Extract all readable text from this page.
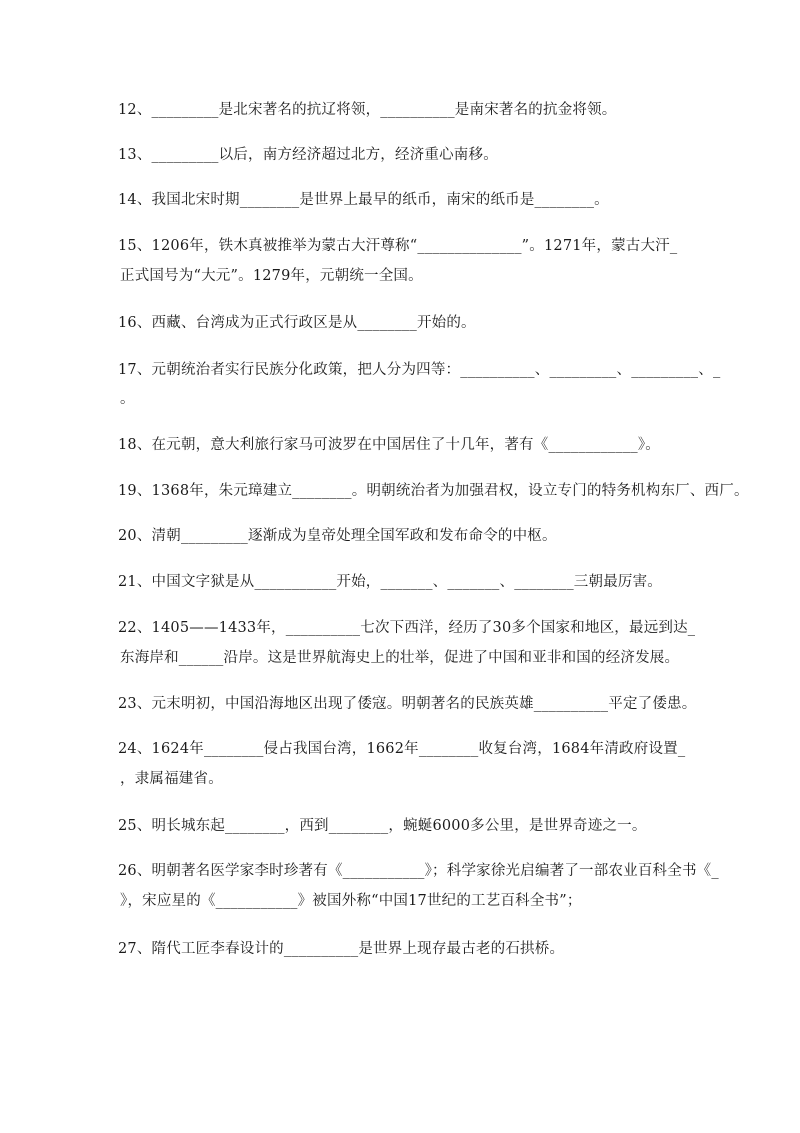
12、_________是北宋著名的抗辽将领，__________是南宋著名的抗金将领。
13、_________以后，南方经济超过北方，经济重心南移。
14、我国北宋时期________是世界上最早的纸币，南宋的纸币是________。
15、1206年，铁木真被推举为蒙古大汗尊称“______________”。1271年，蒙古大汗_
正式国号为“大元”。1279年，元朝统一全国。
16、西藏、台湾成为正式行政区是从________开始的。
17、元朝统治者实行民族分化政策，把人分为四等：__________、_________、_________、_
。
18、在元朝，意大利旅行家马可波罗在中国居住了十几年，著有《____________》。
19、1368年，朱元璋建立________。明朝统治者为加强君权，设立专门的特务机构东厂、西厂。
20、清朝_________逐渐成为皇帝处理全国军政和发布命令的中枢。
21、中国文字狱是从___________开始，_______、_______、________三朝最厉害。
22、1405——1433年，__________七次下西洋，经历了30多个国家和地区，最远到达_
东海岸和______沿岸。这是世界航海史上的壮举，促进了中国和亚非和国的经济发展。
23、元末明初，中国沿海地区出现了倭寇。明朝著名的民族英雄__________平定了倭患。
24、1624年________侵占我国台湾，1662年________收复台湾，1684年清政府设置_
，隶属福建省。
25、明长城东起________，西到________，蜿蜒6000多公里，是世界奇迹之一。
26、明朝著名医学家李时珍著有《___________》；科学家徐光启编著了一部农业百科全书《_
》，宋应星的《___________》被国外称“中国17世纪的工艺百科全书”；
27、隋代工匠李春设计的__________是世界上现存最古老的石拱桥。
